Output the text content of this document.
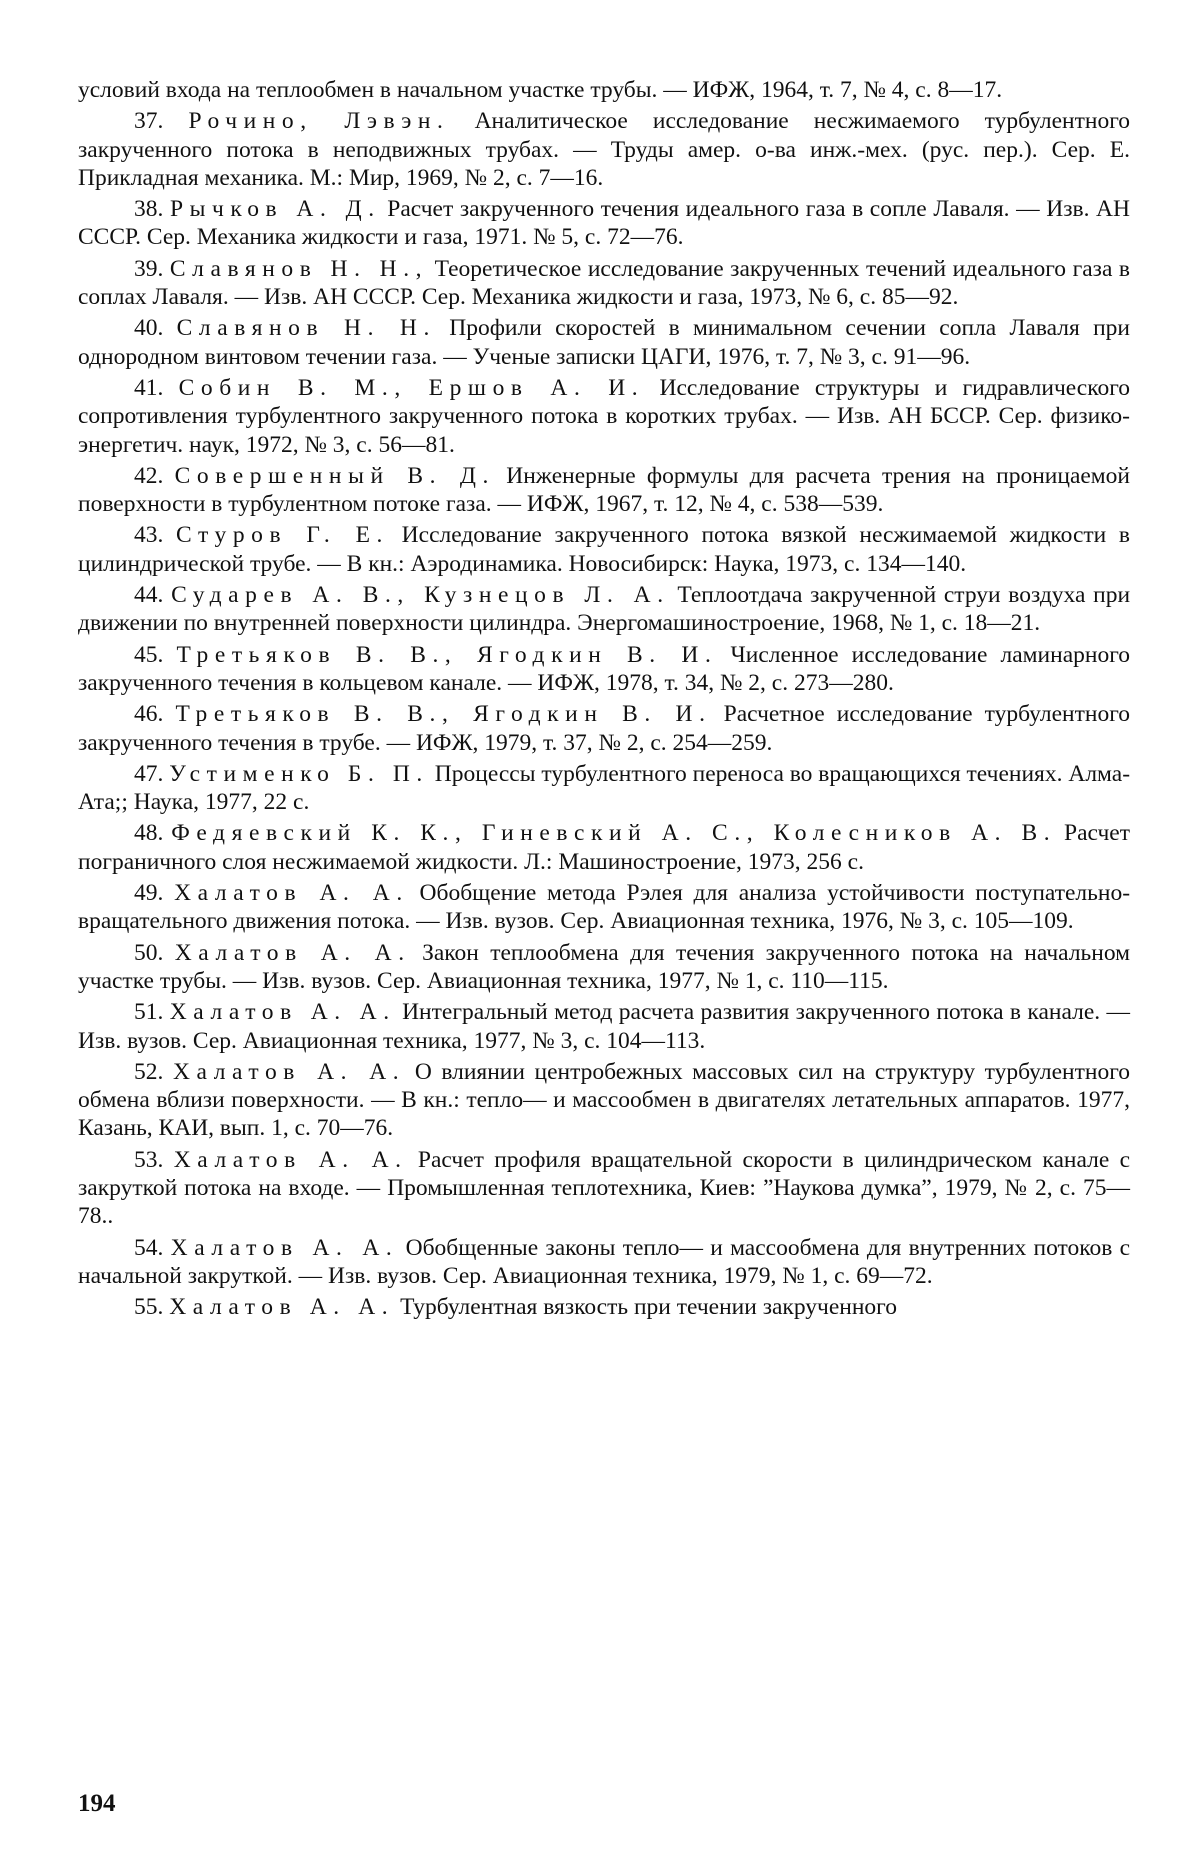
условий входа на теплообмен в начальном участке трубы. — ИФЖ, 1964, т. 7, № 4, с. 8—17.

37. Рочино, Лэвэн. Аналитическое исследование несжимаемого турбулентного закрученного потока в неподвижных трубах. — Труды амер. о-ва инж.-мех. (рус. пер.). Сер. Е. Прикладная механика. М.: Мир, 1969, № 2, с. 7—16.

38. Рычков А. Д. Расчет закрученного течения идеального газа в сопле Лаваля. — Изв. АН СССР. Сер. Механика жидкости и газа, 1971. № 5, с. 72—76.

39. Славянов Н. Н., Теоретическое исследование закрученных течений идеального газа в соплах Лаваля. — Изв. АН СССР. Сер. Механика жидкости и газа, 1973, № 6, с. 85—92.

40. Славянов Н. Н. Профили скоростей в минимальном сечении сопла Лаваля при однородном винтовом течении газа. — Ученые записки ЦАГИ, 1976, т. 7, № 3, с. 91—96.

41. Собин В. М., Ершов А. И. Исследование структуры и гидравлического сопротивления турбулентного закрученного потока в коротких трубах. — Изв. АН БССР. Сер. физико-энергетич. наук, 1972, № 3, с. 56—81.

42. Совершенный В. Д. Инженерные формулы для расчета трения на проницаемой поверхности в турбулентном потоке газа. — ИФЖ, 1967, т. 12, № 4, с. 538—539.

43. Стуров Г. Е. Исследование закрученного потока вязкой несжимаемой жидкости в цилиндрической трубе. — В кн.: Аэродинамика. Новосибирск: Наука, 1973, с. 134—140.

44. Сударев А. В., Кузнецов Л. А. Теплоотдача закрученной струи воздуха при движении по внутренней поверхности цилиндра. Энергомашиностроение, 1968, № 1, с. 18—21.

45. Третьяков В. В., Ягодкин В. И. Численное исследование ламинарного закрученного течения в кольцевом канале. — ИФЖ, 1978, т. 34, № 2, с. 273—280.

46. Третьяков В. В., Ягодкин В. И. Расчетное исследование турбулентного закрученного течения в трубе. — ИФЖ, 1979, т. 37, № 2, с. 254—259.

47. Устименко Б. П. Процессы турбулентного переноса во вращающихся течениях. Алма-Ата;; Наука, 1977, 22 с.

48. Федяевский К. К., Гиневский А. С., Колесников А. В. Расчет пограничного слоя несжимаемой жидкости. Л.: Машиностроение, 1973, 256 с.

49. Халатов А. А. Обобщение метода Рэлея для анализа устойчивости поступательно-вращательного движения потока. — Изв. вузов. Сер. Авиационная техника, 1976, № 3, с. 105—109.

50. Халатов А. А. Закон теплообмена для течения закрученного потока на начальном участке трубы. — Изв. вузов. Сер. Авиационная техника, 1977, № 1, с. 110—115.

51. Халатов А. А. Интегральный метод расчета развития закрученного потока в канале. — Изв. вузов. Сер. Авиационная техника, 1977, № 3, с. 104—113.

52. Халатов А. А. О влиянии центробежных массовых сил на структуру турбулентного обмена вблизи поверхности. — В кн.: тепло— и массообмен в двигателях летательных аппаратов. 1977, Казань, КАИ, вып. 1, с. 70—76.

53. Халатов А. А. Расчет профиля вращательной скорости в цилиндрическом канале с закруткой потока на входе. — Промышленная теплотехника, Киев: ”Наукова думка”, 1979, № 2, с. 75—78..

54. Халатов А. А. Обобщенные законы тепло— и массообмена для внутренних потоков с начальной закруткой. — Изв. вузов. Сер. Авиационная техника, 1979, № 1, с. 69—72.

55. Халатов А. А. Турбулентная вязкость при течении закрученного

194
